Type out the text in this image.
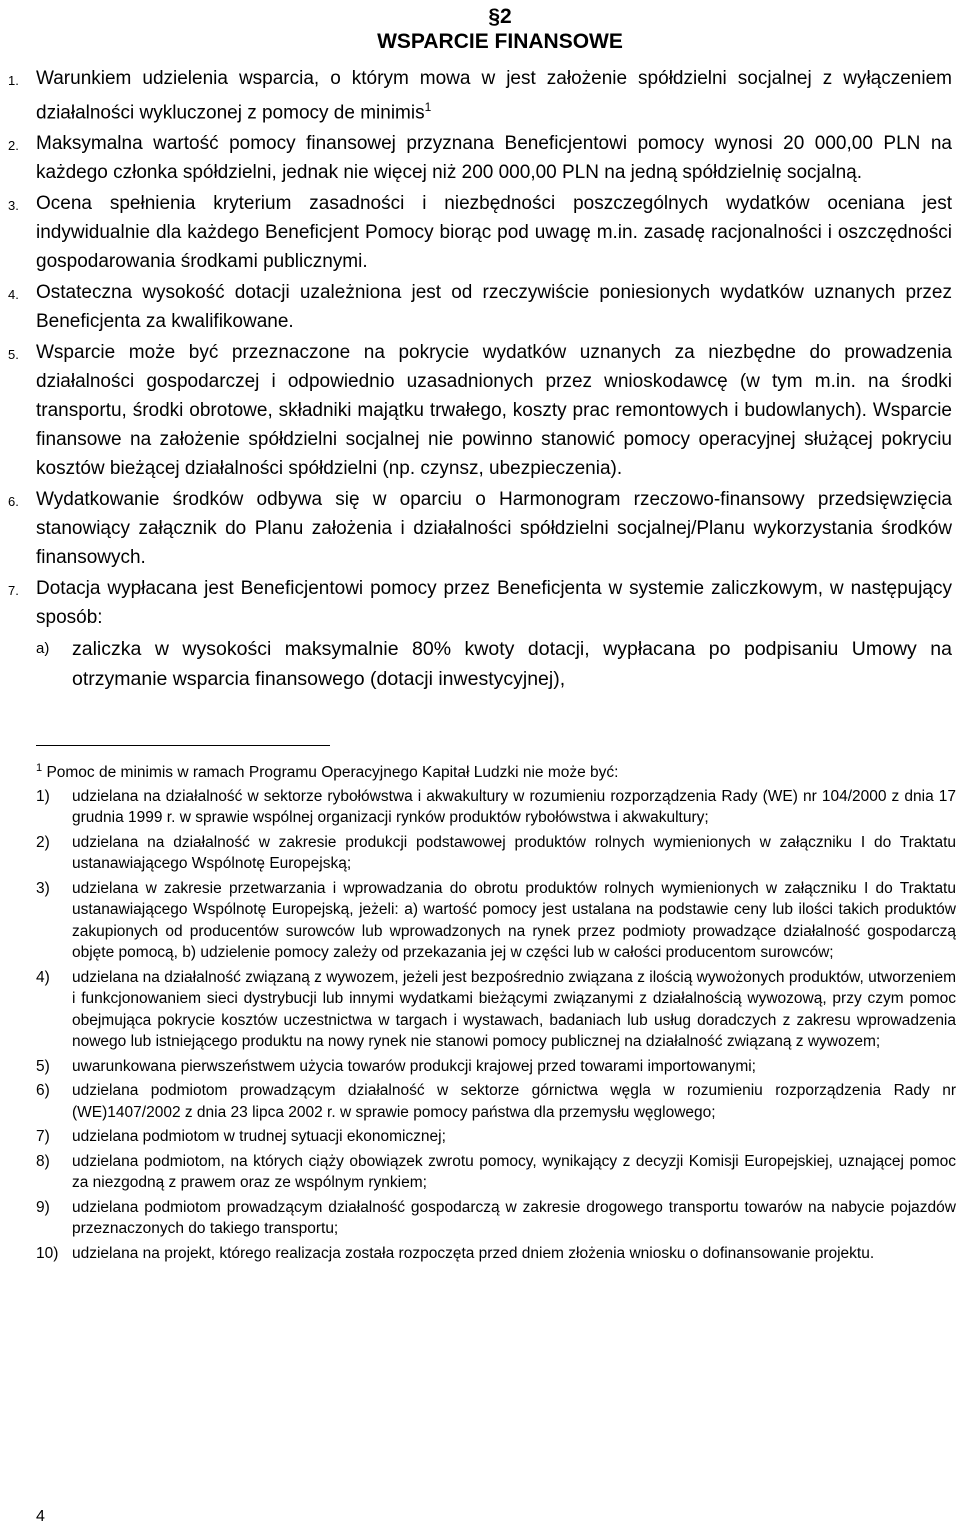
§2
WSPARCIE FINANSOWE
1. Warunkiem udzielenia wsparcia, o którym mowa w jest założenie spółdzielni socjalnej z wyłączeniem działalności wykluczonej z pomocy de minimis$^1$
2. Maksymalna wartość pomocy finansowej przyznana Beneficjentowi pomocy wynosi 20 000,00 PLN na każdego członka spółdzielni, jednak nie więcej niż 200 000,00 PLN na jedną spółdzielnię socjalną.
3. Ocena spełnienia kryterium zasadności i niezbędności poszczególnych wydatków oceniana jest indywidualnie dla każdego Beneficjent Pomocy biorąc pod uwagę m.in. zasadę racjonalności i oszczędności gospodarowania środkami publicznymi.
4. Ostateczna wysokość dotacji uzależniona jest od rzeczywiście poniesionych wydatków uznanych przez Beneficjenta za kwalifikowane.
5. Wsparcie może być przeznaczone na pokrycie wydatków uznanych za niezbędne do prowadzenia działalności gospodarczej i odpowiednio uzasadnionych przez wnioskodawcę (w tym m.in. na środki transportu, środki obrotowe, składniki majątku trwałego, koszty prac remontowych i budowlanych). Wsparcie finansowe na założenie spółdzielni socjalnej nie powinno stanowić pomocy operacyjnej służącej pokryciu kosztów bieżącej działalności spółdzielni (np. czynsz, ubezpieczenia).
6. Wydatkowanie środków odbywa się w oparciu o Harmonogram rzeczowo-finansowy przedsięwzięcia stanowiący załącznik do Planu założenia i działalności spółdzielni socjalnej/Planu wykorzystania środków finansowych.
7. Dotacja wypłacana jest Beneficjentowi pomocy przez Beneficjenta w systemie zaliczkowym, w następujący sposób:
a) zaliczka w wysokości maksymalnie 80% kwoty dotacji, wypłacana po podpisaniu Umowy na otrzymanie wsparcia finansowego (dotacji inwestycyjnej),
$^1$ Pomoc de minimis w ramach Programu Operacyjnego Kapitał Ludzki nie może być:
1) udzielana na działalność w sektorze rybołówstwa i akwakultury w rozumieniu rozporządzenia Rady (WE) nr 104/2000 z dnia 17 grudnia 1999 r. w sprawie wspólnej organizacji rynków produktów rybołówstwa i akwakultury;
2) udzielana na działalność w zakresie produkcji podstawowej produktów rolnych wymienionych w załączniku I do Traktatu ustanawiającego Wspólnotę Europejską;
3) udzielana w zakresie przetwarzania i wprowadzania do obrotu produktów rolnych wymienionych w załączniku I do Traktatu ustanawiającego Wspólnotę Europejską, jeżeli: a) wartość pomocy jest ustalana na podstawie ceny lub ilości takich produktów zakupionych od producentów surowców lub wprowadzonych na rynek przez podmioty prowadzące działalność gospodarczą objęte pomocą, b) udzielenie pomocy zależy od przekazania jej w części lub w całości producentom surowców;
4) udzielana na działalność związaną z wywozem, jeżeli jest bezpośrednio związana z ilością wywożonych produktów, utworzeniem i funkcjonowaniem sieci dystrybucji lub innymi wydatkami bieżącymi związanymi z działalnością wywozową, przy czym pomoc obejmująca pokrycie kosztów uczestnictwa w targach i wystawach, badaniach lub usług doradczych z zakresu wprowadzenia nowego lub istniejącego produktu na nowy rynek nie stanowi pomocy publicznej na działalność związaną z wywozem;
5) uwarunkowana pierwszeństwem użycia towarów produkcji krajowej przed towarami importowanymi;
6) udzielana podmiotom prowadzącym działalność w sektorze górnictwa węgla w rozumieniu rozporządzenia Rady nr (WE)1407/2002 z dnia 23 lipca 2002 r. w sprawie pomocy państwa dla przemysłu węglowego;
7) udzielana podmiotom w trudnej sytuacji ekonomicznej;
8) udzielana podmiotom, na których ciąży obowiązek zwrotu pomocy, wynikający z decyzji Komisji Europejskiej, uznającej pomoc za niezgodną z prawem oraz ze wspólnym rynkiem;
9) udzielana podmiotom prowadzącym działalność gospodarczą w zakresie drogowego transportu towarów na nabycie pojazdów przeznaczonych do takiego transportu;
10) udzielana na projekt, którego realizacja została rozpoczęta przed dniem złożenia wniosku o dofinansowanie projektu.
4
